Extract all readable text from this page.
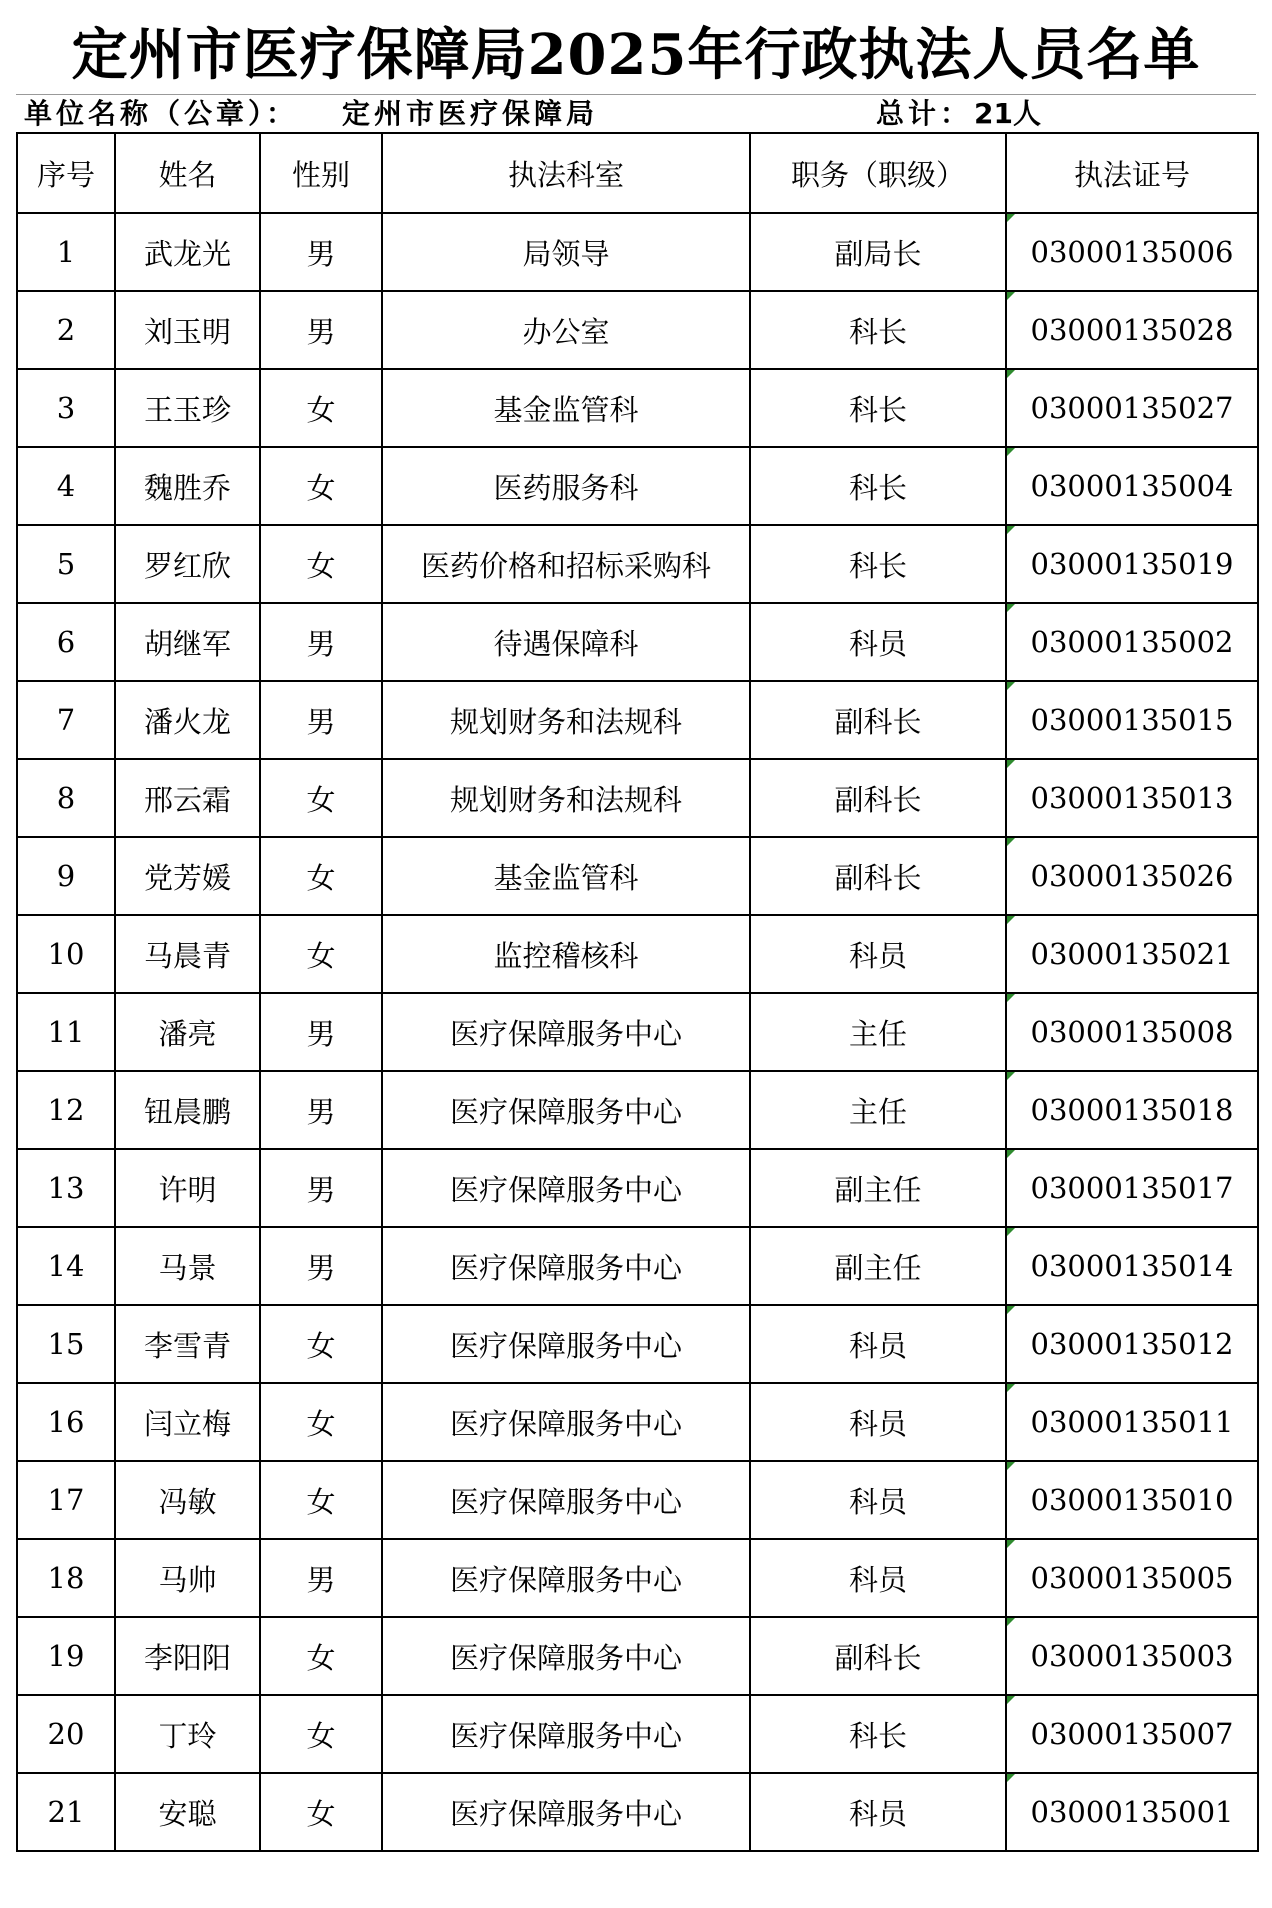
定州市医疗保障局2025年行政执法人员名单
单位名称（公章）： 定州市医疗保障局	总计： 21人
序号	姓名	性别	执法科室	职务（职级）	执法证号
1	武龙光	男	局领导	副局长	03000135006
2	刘玉明	男	办公室	科长	03000135028
3	王玉珍	女	基金监管科	科长	03000135027
4	魏胜乔	女	医药服务科	科长	03000135004
5	罗红欣	女	医药价格和招标采购科	科长	03000135019
6	胡继军	男	待遇保障科	科员	03000135002
7	潘火龙	男	规划财务和法规科	副科长	03000135015
8	邢云霜	女	规划财务和法规科	副科长	03000135013
9	党芳媛	女	基金监管科	副科长	03000135026
10	马晨青	女	监控稽核科	科员	03000135021
11	潘亮	男	医疗保障服务中心	主任	03000135008
12	钮晨鹏	男	医疗保障服务中心	主任	03000135018
13	许明	男	医疗保障服务中心	副主任	03000135017
14	马景	男	医疗保障服务中心	副主任	03000135014
15	李雪青	女	医疗保障服务中心	科员	03000135012
16	闫立梅	女	医疗保障服务中心	科员	03000135011
17	冯敏	女	医疗保障服务中心	科员	03000135010
18	马帅	男	医疗保障服务中心	科员	03000135005
19	李阳阳	女	医疗保障服务中心	副科长	03000135003
20	丁玲	女	医疗保障服务中心	科长	03000135007
21	安聪	女	医疗保障服务中心	科员	03000135001
